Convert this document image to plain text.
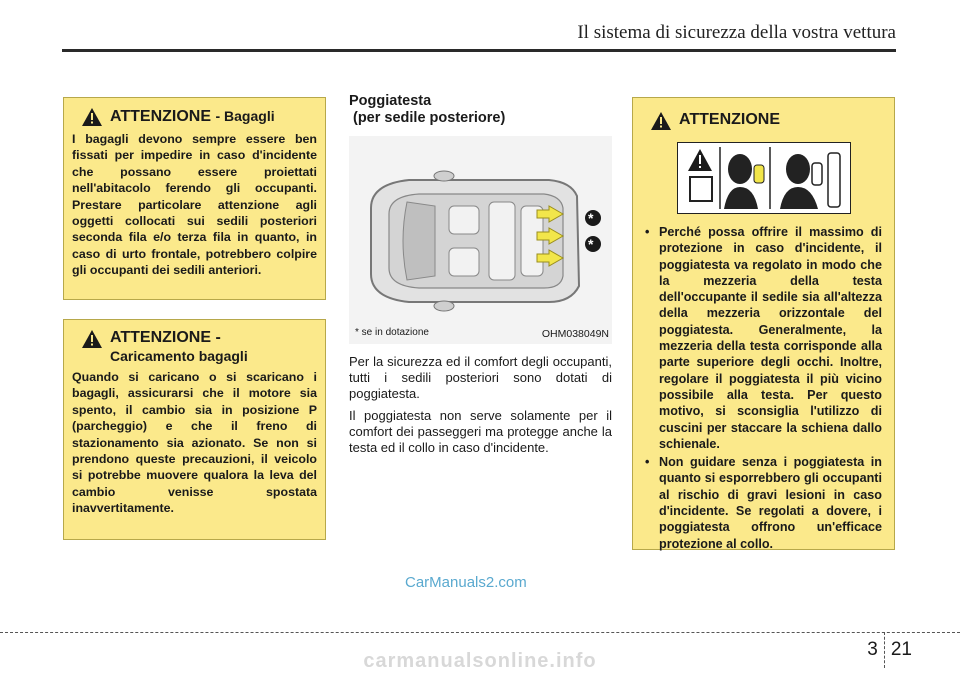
Il sistema di sicurezza della vostra vettura
ATTENZIONE - Bagagli
I bagagli devono sempre essere ben fissati per impedire in caso d'incidente che possano essere proiettati nell'abitacolo ferendo gli occupanti. Prestare particolare attenzione agli oggetti collocati sui sedili posteriori seconda fila e/o terza fila in quanto, in caso di urto frontale, potrebbero colpire gli occupanti dei sedili anteriori.
ATTENZIONE -
Caricamento bagagli
Quando si caricano o si scaricano i bagagli, assicurarsi che il motore sia spento, il cambio sia in posizione P (parcheggio) e che il freno di stazionamento sia azionato. Se non si prendono queste precauzioni, il veicolo si potrebbe muovere qualora la leva del cambio venisse spostata inavvertitamente.
Poggiatesta
(per sedile posteriore)
*
*
* se in dotazione	OHM038049N
Per la sicurezza ed il comfort degli occupanti, tutti i sedili posteriori sono dotati di poggiatesta.
Il poggiatesta non serve solamente per il comfort dei passeggeri ma protegge anche la testa ed il collo in caso d'incidente.
ATTENZIONE
• Perché possa offrire il massimo di protezione in caso d'incidente, il poggiatesta va regolato in modo che la mezzeria della testa dell'occupante il sedile sia all'altezza della mezzeria orizzontale del poggiatesta. Generalmente, la mezzeria della testa corrisponde alla parte superiore degli occhi. Inoltre, regolare il poggiatesta il più vicino possibile alla testa. Per questo motivo, si sconsiglia l'utilizzo di cuscini per staccare la schiena dallo schienale.
• Non guidare senza i poggiatesta in quanto si esporrebbero gli occupanti al rischio di gravi lesioni in caso d'incidente. Se regolati a dovere, i poggiatesta offrono un'efficace protezione al collo.
CarManuals2.com
3 21
carmanualsonline.info
